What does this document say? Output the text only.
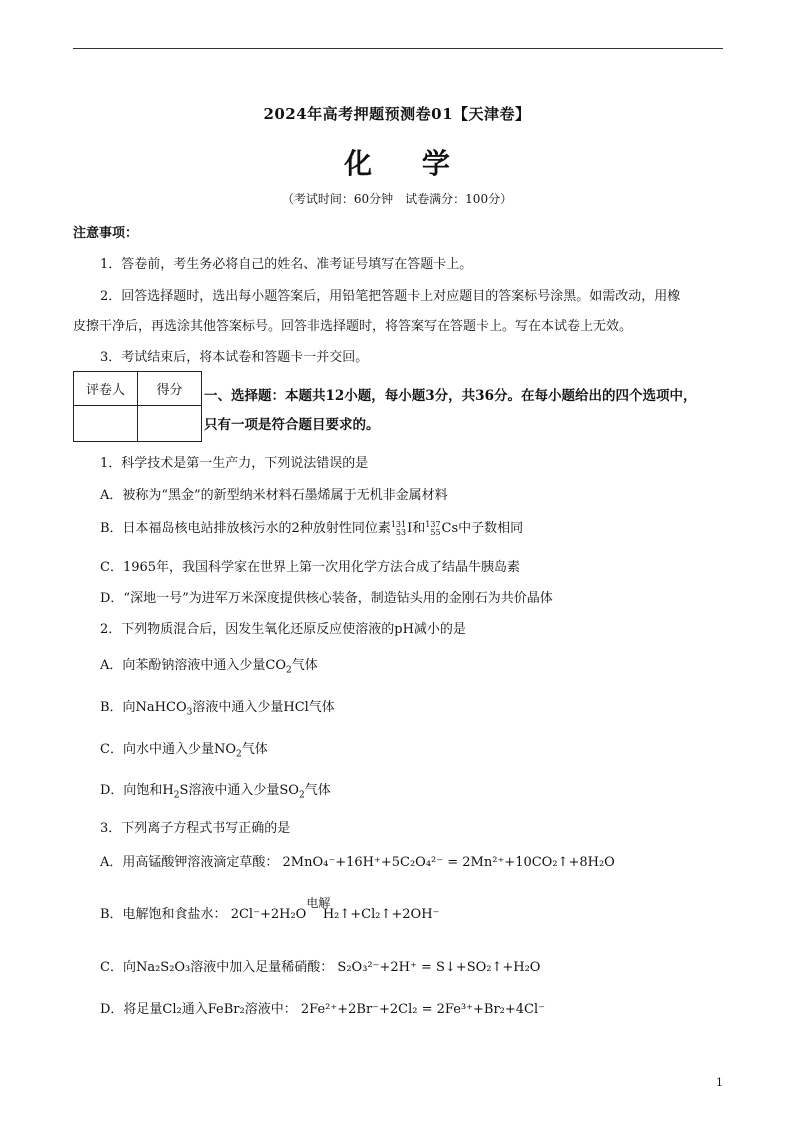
2024年高考押题预测卷01【天津卷】
化 学
（考试时间：60分钟　试卷满分：100分）
注意事项：
1．答卷前，考生务必将自己的姓名、准考证号填写在答题卡上。
2．回答选择题时，选出每小题答案后，用铅笔把答题卡上对应题目的答案标号涂黑。如需改动，用橡
皮擦干净后，再选涂其他答案标号。回答非选择题时，将答案写在答题卡上。写在本试卷上无效。
3．考试结束后，将本试卷和答题卡一并交回。
评卷人	得分
	一、选择题：本题共12小题，每小题3分，共36分。在每小题给出的四个选项中，
只有一项是符合题目要求的。
1．科学技术是第一生产力，下列说法错误的是
A．被称为“黑金”的新型纳米材料石墨烯属于无机非金属材料
B．日本福岛核电站排放核污水的2种放射性同位素 131
53 I和 137
55 Cs中子数相同
C．1965年，我国科学家在世界上第一次用化学方法合成了结晶牛胰岛素
D．“深地一号”为进军万米深度提供核心装备，制造钻头用的金刚石为共价晶体
2．下列物质混合后，因发生氧化还原反应使溶液的pH减小的是
A．向苯酚钠溶液中通入少量$CO_2$气体
B．向NaHCO$_3$溶液中通入少量HCl气体
C．向水中通入少量$NO_2$气体
D．向饱和$H_2S$溶液中通入少量$SO_2$气体
3．下列离子方程式书写正确的是
A．用高锰酸钾溶液滴定草酸： 2MnO₄⁻+16H⁺+5C₂O₄²⁻ = 2Mn²⁺+10CO₂↑+8H₂O
B．电解饱和食盐水： 2Cl⁻+2H₂O
电解
H₂↑+Cl₂↑+2OH⁻
C．向Na₂S₂O₃溶液中加入足量稀硝酸： S₂O₃²⁻+2H⁺ = S↓+SO₂↑+H₂O
D．将足量Cl₂通入FeBr₂溶液中： 2Fe²⁺+2Br⁻+2Cl₂ = 2Fe³⁺+Br₂+4Cl⁻
1
